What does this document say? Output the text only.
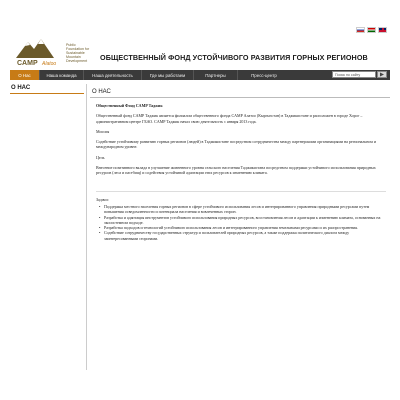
CAMP Alatoo
Public Foundation for Sustainable Mountain Development	ОБЩЕСТВЕННЫЙ ФОНД УСТОЙЧИВОГО РАЗВИТИЯ ГОРНЫХ РЕГИОНОВ
О Нас	Наша команда	Наша деятельность	Где мы работаем	Партнеры	Пресс-центр	Поиск по сайту
О НАС
О НАС

Общественный Фонд CAMP Таджик

Общественный фонд CAMP Таджик является филиалом общественного фонда CAMP Алатоо (Кыргызстан) в Таджикистане и расположен в городе Хорог – административном центре ГБАО. CAMP Таджик начал свою деятельность с января 2013 года.

Миссия

Содействие устойчивому развитию горных регионов (людей) в Таджикистане посредством сотрудничества между партнерскими организациями на региональном и международном уровне.

Цель

Внесение позитивного вклада в улучшение жизненного уровня сельского населения Таджикистана посредством поддержки устойчивого использования природных ресурсов (леса и пастбищ) и содействия устойчивой адаптации этих ресурсов к изменению климата.

Задачи:

• Поддержка местного населения горных регионов в сфере устойчивого использования лесов и интегрированного управления природными ресурсами путем повышения осведомленности и потенциала населения и вовлеченных сторон.
• Разработка и адаптация инструментов устойчивого использования природных ресурсов, восстановления лесов и адаптации к изменению климата, основанных на экосистемном подходе.
• Разработка подходов и технологий устойчивого использования лесов и интегрированного управления земельными ресурсами и их распространения.
• Содействие сотрудничеству государственных структур и пользователей природных ресурсов, а также поддержка политического диалога между заинтересованными сторонами.
